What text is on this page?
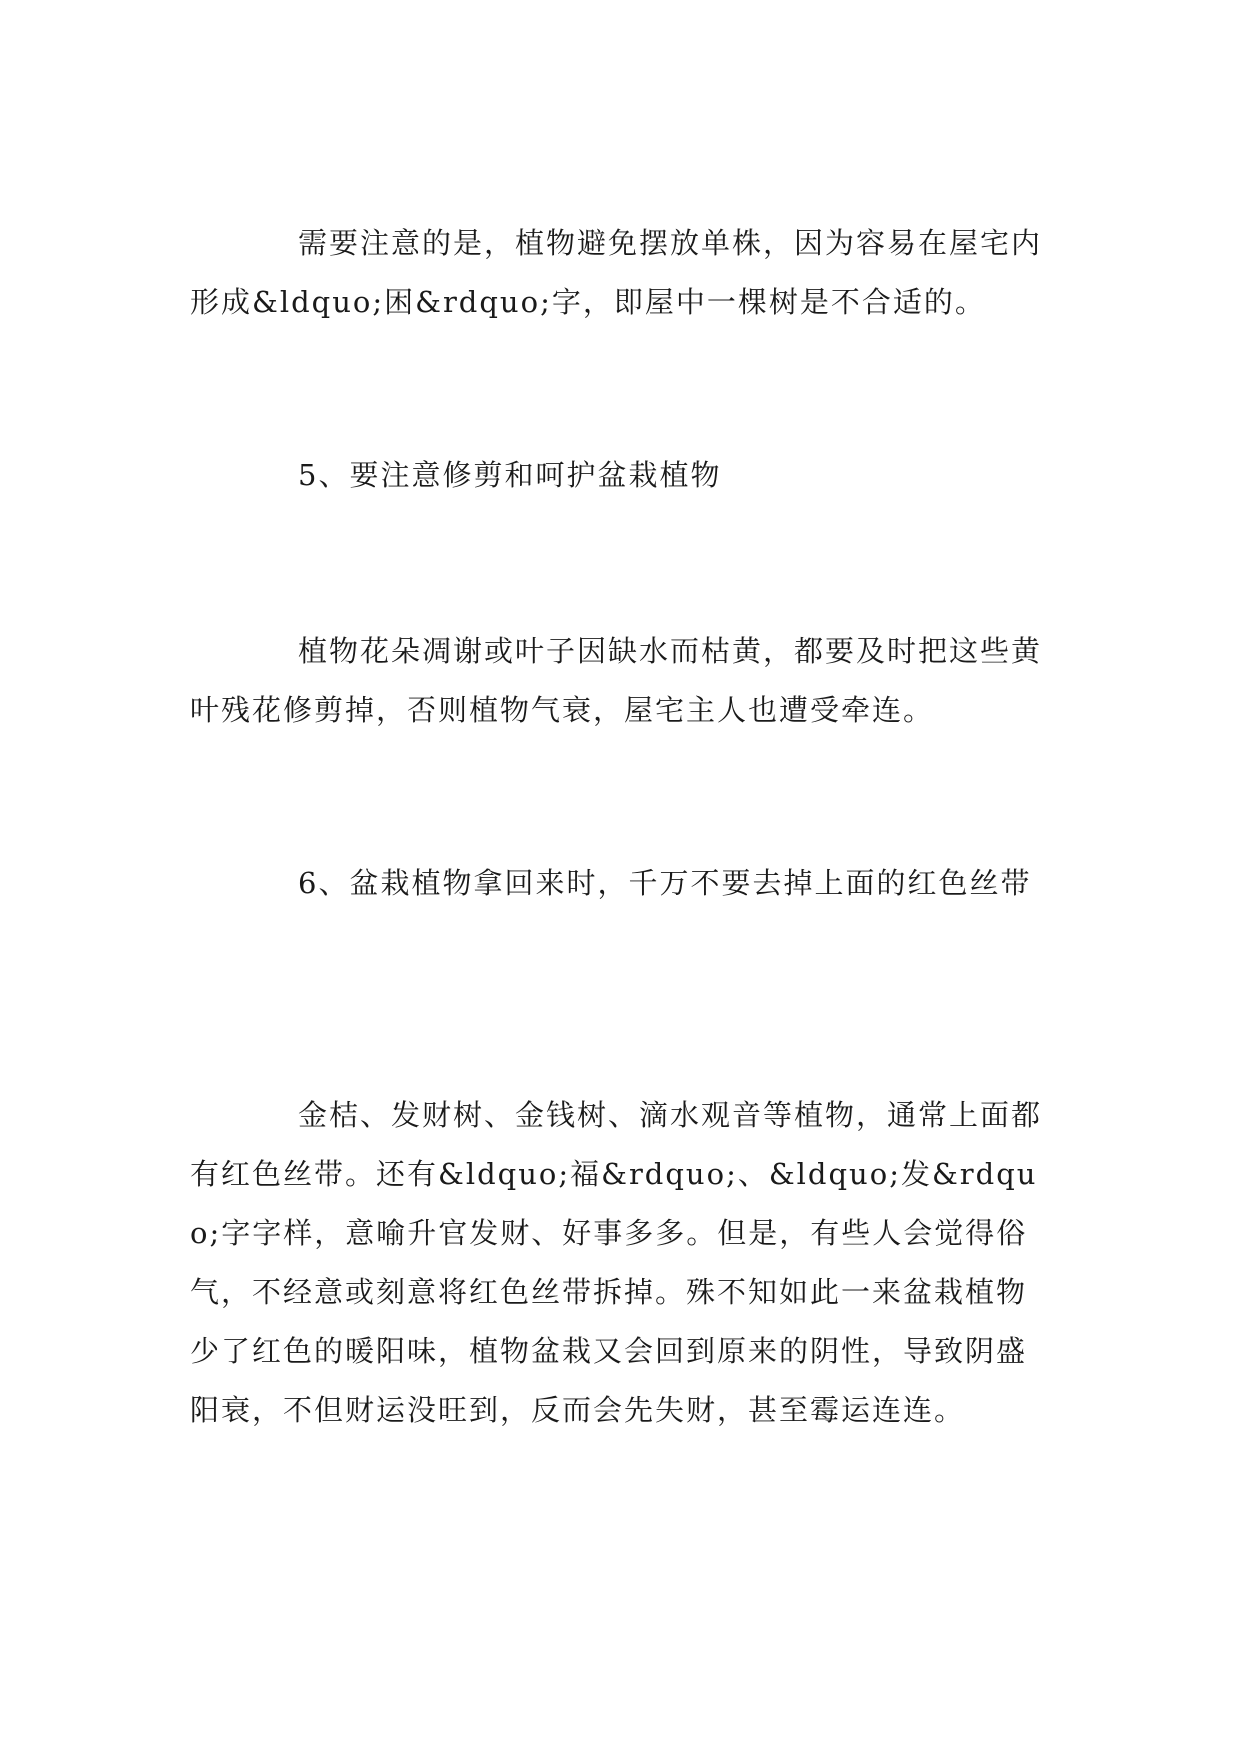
需要注意的是，植物避免摆放单株，因为容易在屋宅内形成&ldquo;困&rdquo;字，即屋中一棵树是不合适的。

5、要注意修剪和呵护盆栽植物

植物花朵凋谢或叶子因缺水而枯黄，都要及时把这些黄叶残花修剪掉，否则植物气衰，屋宅主人也遭受牵连。

6、盆栽植物拿回来时，千万不要去掉上面的红色丝带

金桔、发财树、金钱树、滴水观音等植物，通常上面都有红色丝带。还有&ldquo;福&rdquo;、&ldquo;发&rdquo;字字样，意喻升官发财、好事多多。但是，有些人会觉得俗气，不经意或刻意将红色丝带拆掉。殊不知如此一来盆栽植物少了红色的暖阳味，植物盆栽又会回到原来的阴性，导致阴盛阳衰，不但财运没旺到，反而会先失财，甚至霉运连连。
